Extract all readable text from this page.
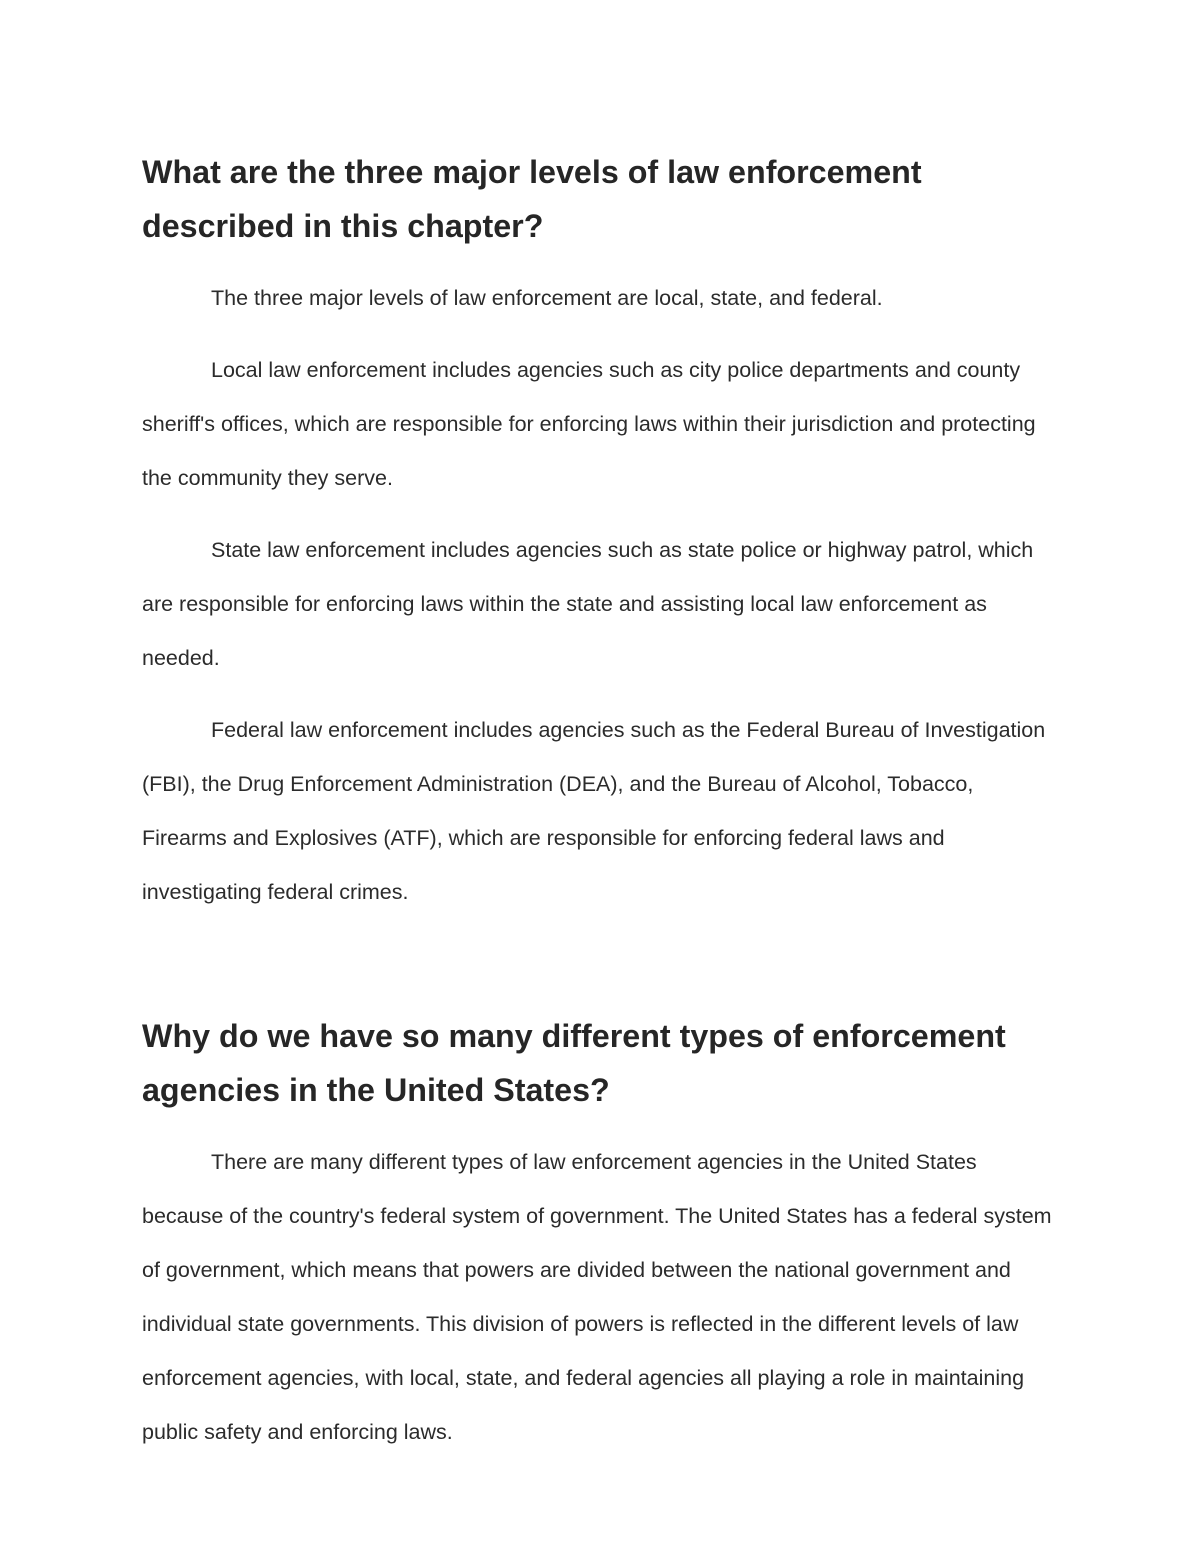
What are the three major levels of law enforcement described in this chapter?

The three major levels of law enforcement are local, state, and federal.

Local law enforcement includes agencies such as city police departments and county sheriff's offices, which are responsible for enforcing laws within their jurisdiction and protecting the community they serve.

State law enforcement includes agencies such as state police or highway patrol, which are responsible for enforcing laws within the state and assisting local law enforcement as needed.

Federal law enforcement includes agencies such as the Federal Bureau of Investigation (FBI), the Drug Enforcement Administration (DEA), and the Bureau of Alcohol, Tobacco, Firearms and Explosives (ATF), which are responsible for enforcing federal laws and investigating federal crimes.

Why do we have so many different types of enforcement agencies in the United States?

There are many different types of law enforcement agencies in the United States because of the country's federal system of government. The United States has a federal system of government, which means that powers are divided between the national government and individual state governments. This division of powers is reflected in the different levels of law enforcement agencies, with local, state, and federal agencies all playing a role in maintaining public safety and enforcing laws.
